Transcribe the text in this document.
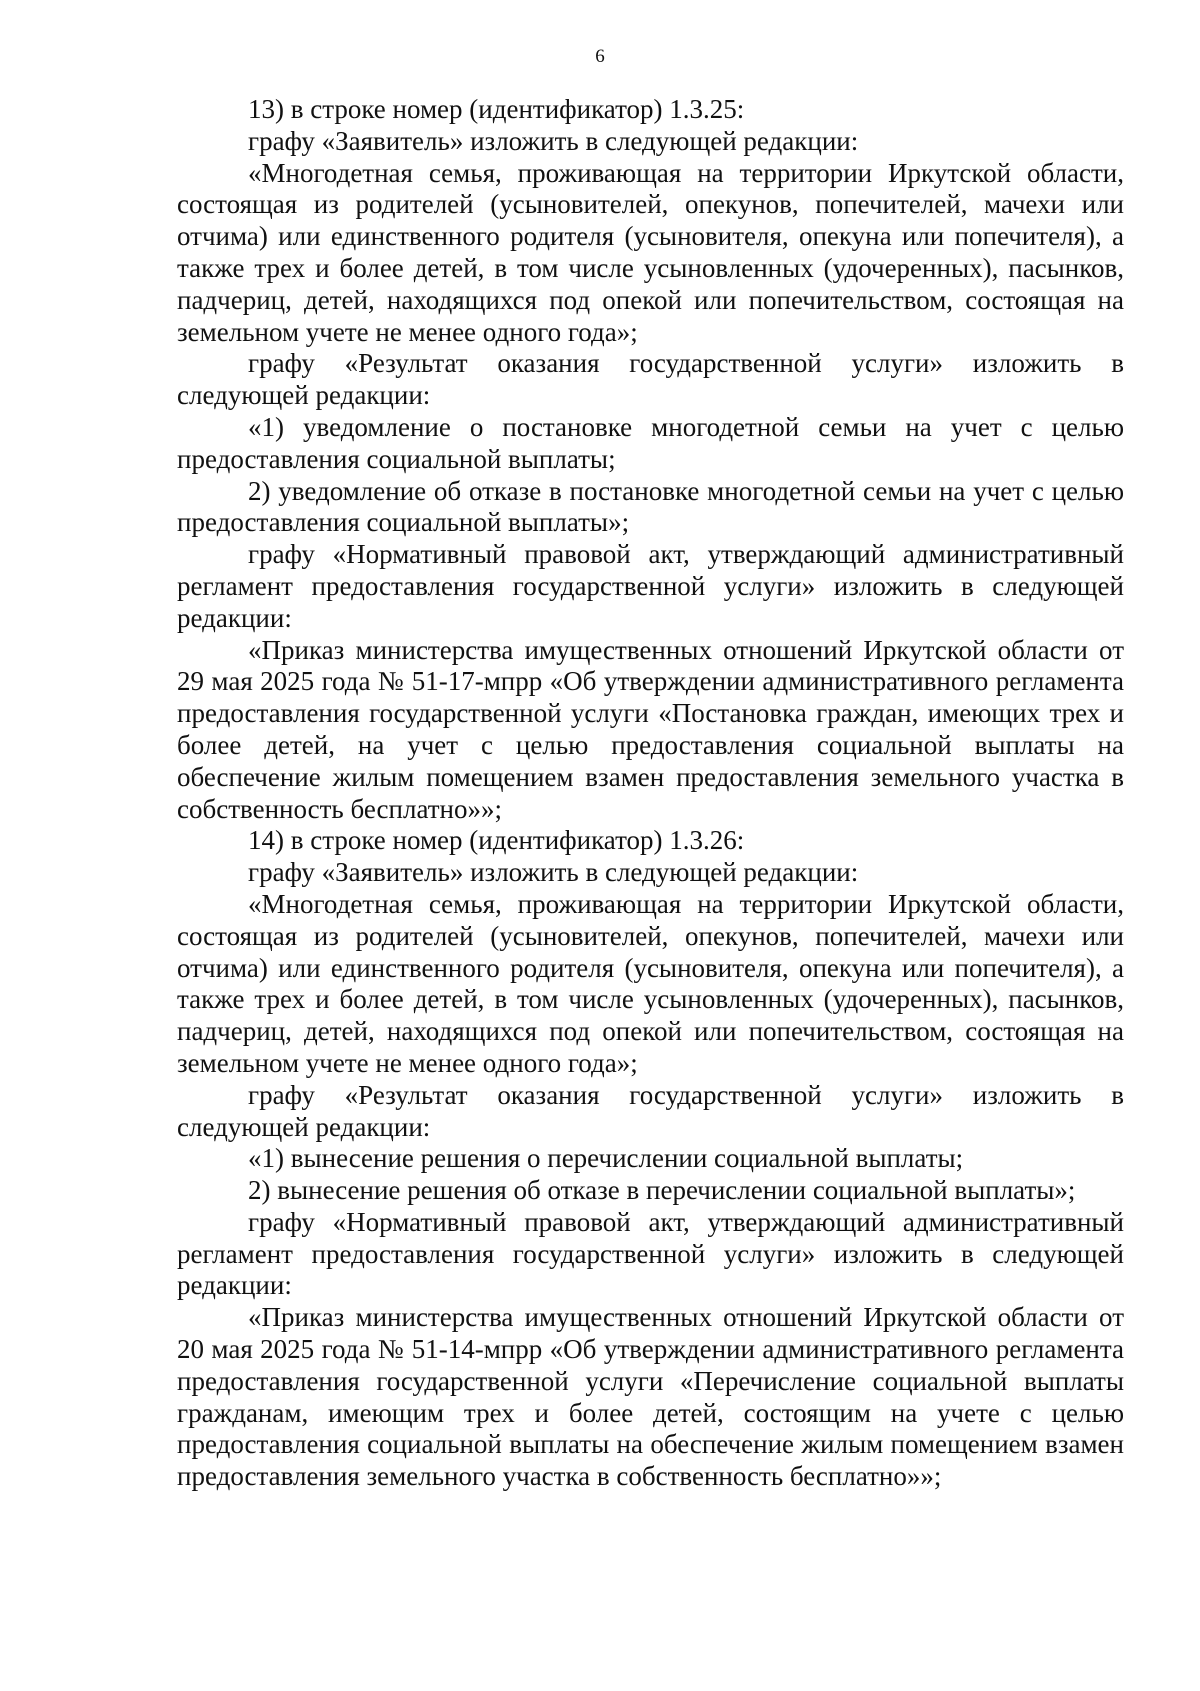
6

13) в строке номер (идентификатор) 1.3.25:

графу «Заявитель» изложить в следующей редакции:

«Многодетная семья, проживающая на территории Иркутской области, состоящая из родителей (усыновителей, опекунов, попечителей, мачехи или отчима) или единственного родителя (усыновителя, опекуна или попечителя), а также трех и более детей, в том числе усыновленных (удочеренных), пасынков, падчериц, детей, находящихся под опекой или попечительством, состоящая на земельном учете не менее одного года»;

графу «Результат оказания государственной услуги» изложить в следующей редакции:

«1) уведомление о постановке многодетной семьи на учет с целью предоставления социальной выплаты;

2) уведомление об отказе в постановке многодетной семьи на учет с целью предоставления социальной выплаты»;

графу «Нормативный правовой акт, утверждающий административный регламент предоставления государственной услуги» изложить в следующей редакции:

«Приказ министерства имущественных отношений Иркутской области от 29 мая 2025 года № 51-17-мпрр «Об утверждении административного регламента предоставления государственной услуги «Постановка граждан, имеющих трех и более детей, на учет с целью предоставления социальной выплаты на обеспечение жилым помещением взамен предоставления земельного участка в собственность бесплатно»»;

14) в строке номер (идентификатор) 1.3.26:

графу «Заявитель» изложить в следующей редакции:

«Многодетная семья, проживающая на территории Иркутской области, состоящая из родителей (усыновителей, опекунов, попечителей, мачехи или отчима) или единственного родителя (усыновителя, опекуна или попечителя), а также трех и более детей, в том числе усыновленных (удочеренных), пасынков, падчериц, детей, находящихся под опекой или попечительством, состоящая на земельном учете не менее одного года»;

графу «Результат оказания государственной услуги» изложить в следующей редакции:

«1) вынесение решения о перечислении социальной выплаты;

2) вынесение решения об отказе в перечислении социальной выплаты»;

графу «Нормативный правовой акт, утверждающий административный регламент предоставления государственной услуги» изложить в следующей редакции:

«Приказ министерства имущественных отношений Иркутской области от 20 мая 2025 года № 51-14-мпрр «Об утверждении административного регламента предоставления государственной услуги «Перечисление социальной выплаты гражданам, имеющим трех и более детей, состоящим на учете с целью предоставления социальной выплаты на обеспечение жилым помещением взамен предоставления земельного участка в собственность бесплатно»»;
